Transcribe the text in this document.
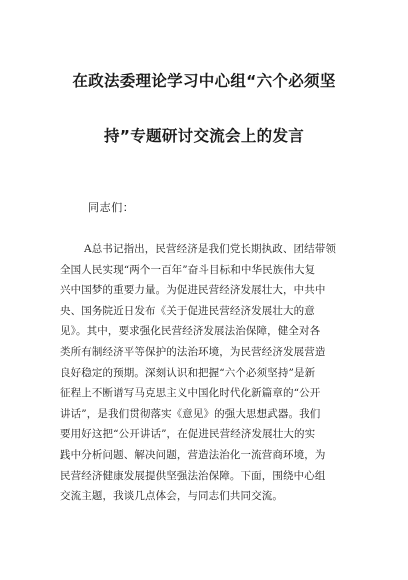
在政法委理论学习中心组“六个必须坚
持”专题研讨交流会上的发言
同志们：
A总书记指出，民营经济是我们党长期执政、团结带领
全国人民实现“两个一百年”奋斗目标和中华民族伟大复
兴中国梦的重要力量。为促进民营经济发展壮大，中共中
央、国务院近日发布《关于促进民营经济发展壮大的意
见》。其中，要求强化民营经济发展法治保障，健全对各
类所有制经济平等保护的法治环境，为民营经济发展营造
良好稳定的预期。深刻认识和把握“六个必须坚持”是新
征程上不断谱写马克思主义中国化时代化新篇章的“公开
讲话”，是我们贯彻落实《意见》的强大思想武器。我们
要用好这把“公开讲话”，在促进民营经济发展壮大的实
践中分析问题、解决问题，营造法治化一流营商环境，为
民营经济健康发展提供坚强法治保障。下面，围绕中心组
交流主题，我谈几点体会，与同志们共同交流。
